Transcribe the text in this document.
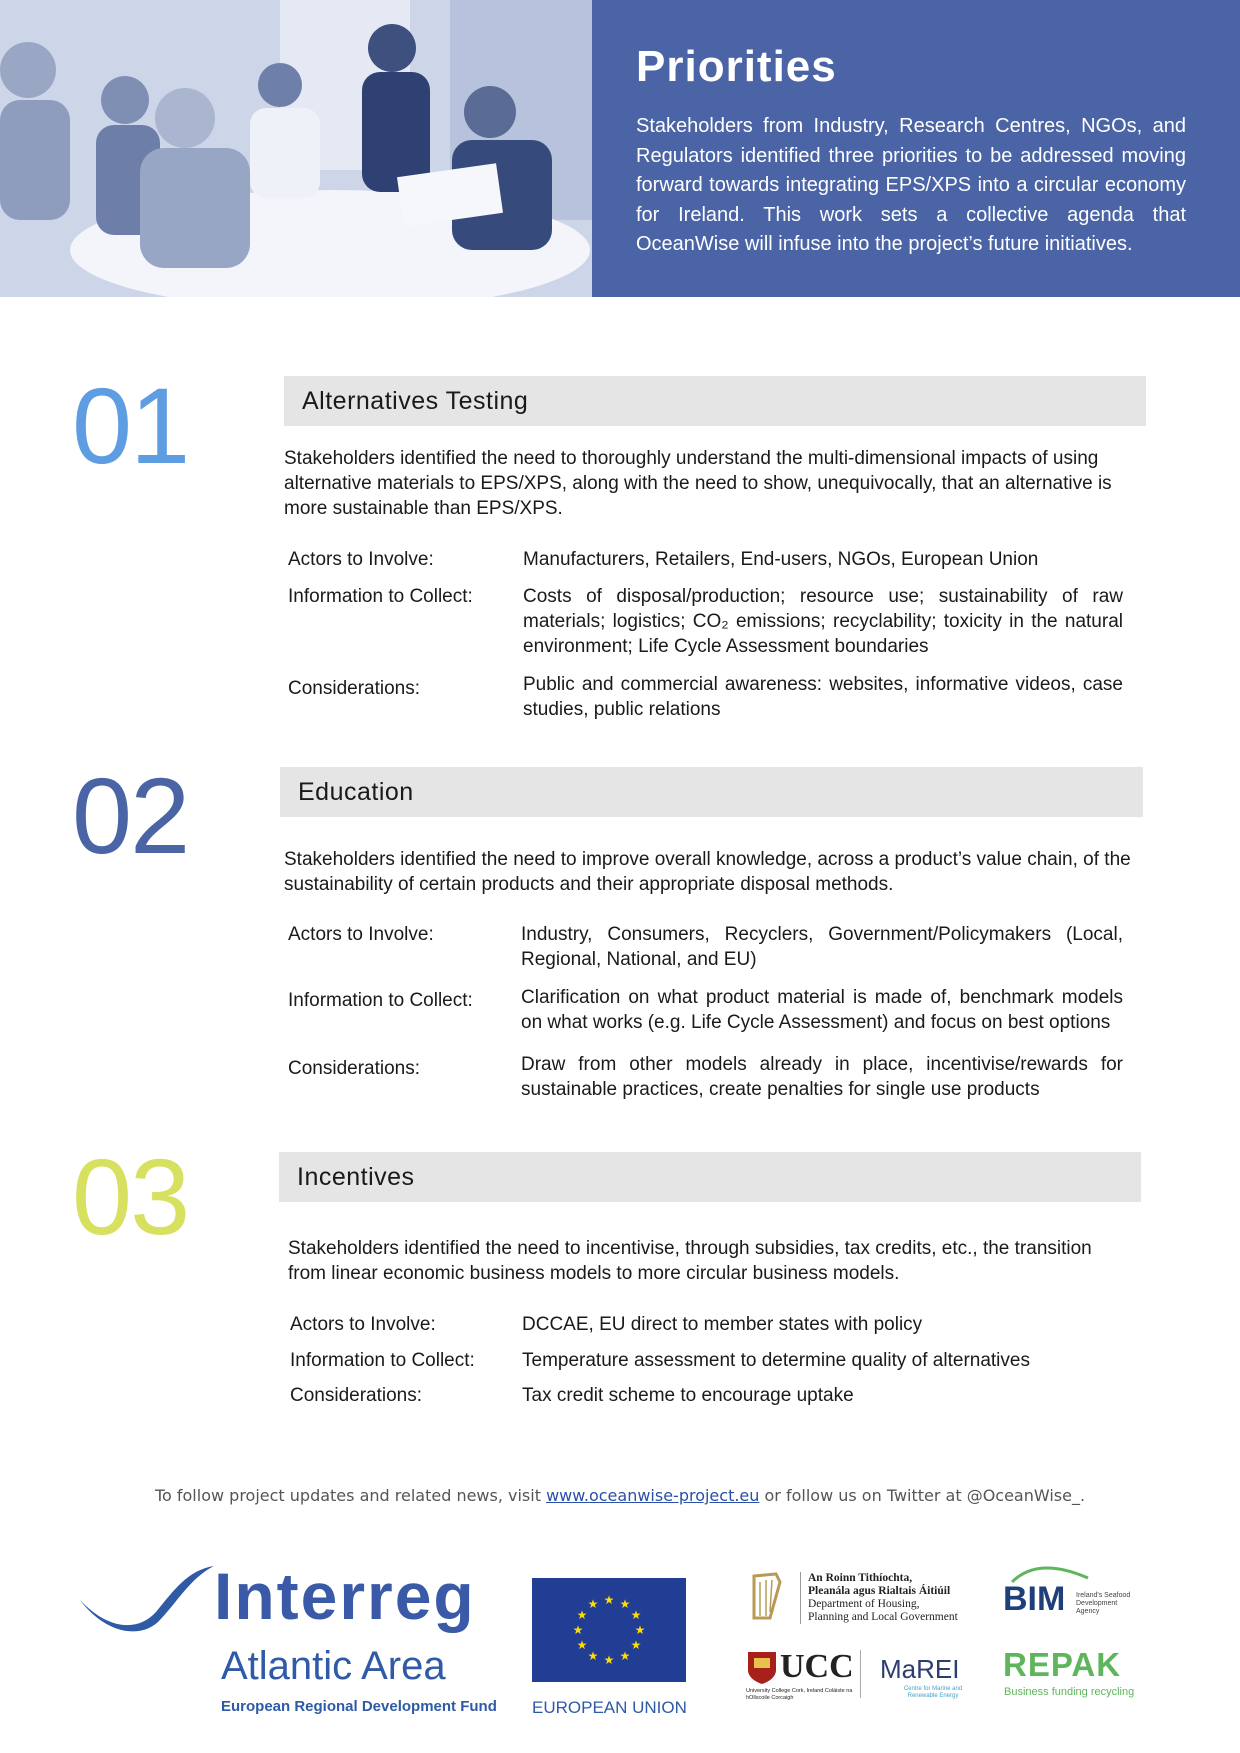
Priorities

Stakeholders from Industry, Research Centres, NGOs, and Regulators identified three priorities to be addressed moving forward towards integrating EPS/XPS into a circular economy for Ireland. This work sets a collective agenda that OceanWise will infuse into the project’s future initiatives.

01	Alternatives Testing
Stakeholders identified the need to thoroughly understand the multi-dimensional impacts of using alternative materials to EPS/XPS, along with the need to show, unequivocally, that an alternative is more sustainable than EPS/XPS.
Actors to Involve:	Manufacturers, Retailers, End-users, NGOs, European Union
Information to Collect:	Costs of disposal/production; resource use; sustainability of raw materials; logistics; CO₂ emissions; recyclability; toxicity in the natural environment; Life Cycle Assessment boundaries
Considerations:	Public and commercial awareness: websites, informative videos, case studies, public relations
02	Education
Stakeholders identified the need to improve overall knowledge, across a product’s value chain, of the sustainability of certain products and their appropriate disposal methods.
Actors to Involve:	Industry, Consumers, Recyclers, Government/Policymakers (Local, Regional, National, and EU)
Information to Collect:	Clarification on what product material is made of, benchmark models on what works (e.g. Life Cycle Assessment) and focus on best options
Considerations:	Draw from other models already in place, incentivise/rewards for sustainable practices, create penalties for single use products
03	Incentives
Stakeholders identified the need to incentivise, through subsidies, tax credits, etc., the transition from linear economic business models to more circular business models.
Actors to Involve:	DCCAE, EU direct to member states with policy
Information to Collect:	Temperature assessment to determine quality of alternatives
Considerations:	Tax credit scheme to encourage uptake
To follow project updates and related news, visit www.oceanwise-project.eu or follow us on Twitter at @OceanWise_.
Interreg
Atlantic Area
European Regional Development Fund
★ ★
★
★
★
★
★
★
★
★
★
★
EUROPEAN UNION
An Roinn Tithíochta,
Pleanála agus Rialtais Áitiúil
Department of Housing,
Planning and Local Government	BIM Ireland's Seafood Development Agency
UCC
University College Cork, Ireland Coláiste na hOllscoile Corcaigh
MaREI
Centre for Marine and Renewable Energy
REPAK
Business funding recycling
